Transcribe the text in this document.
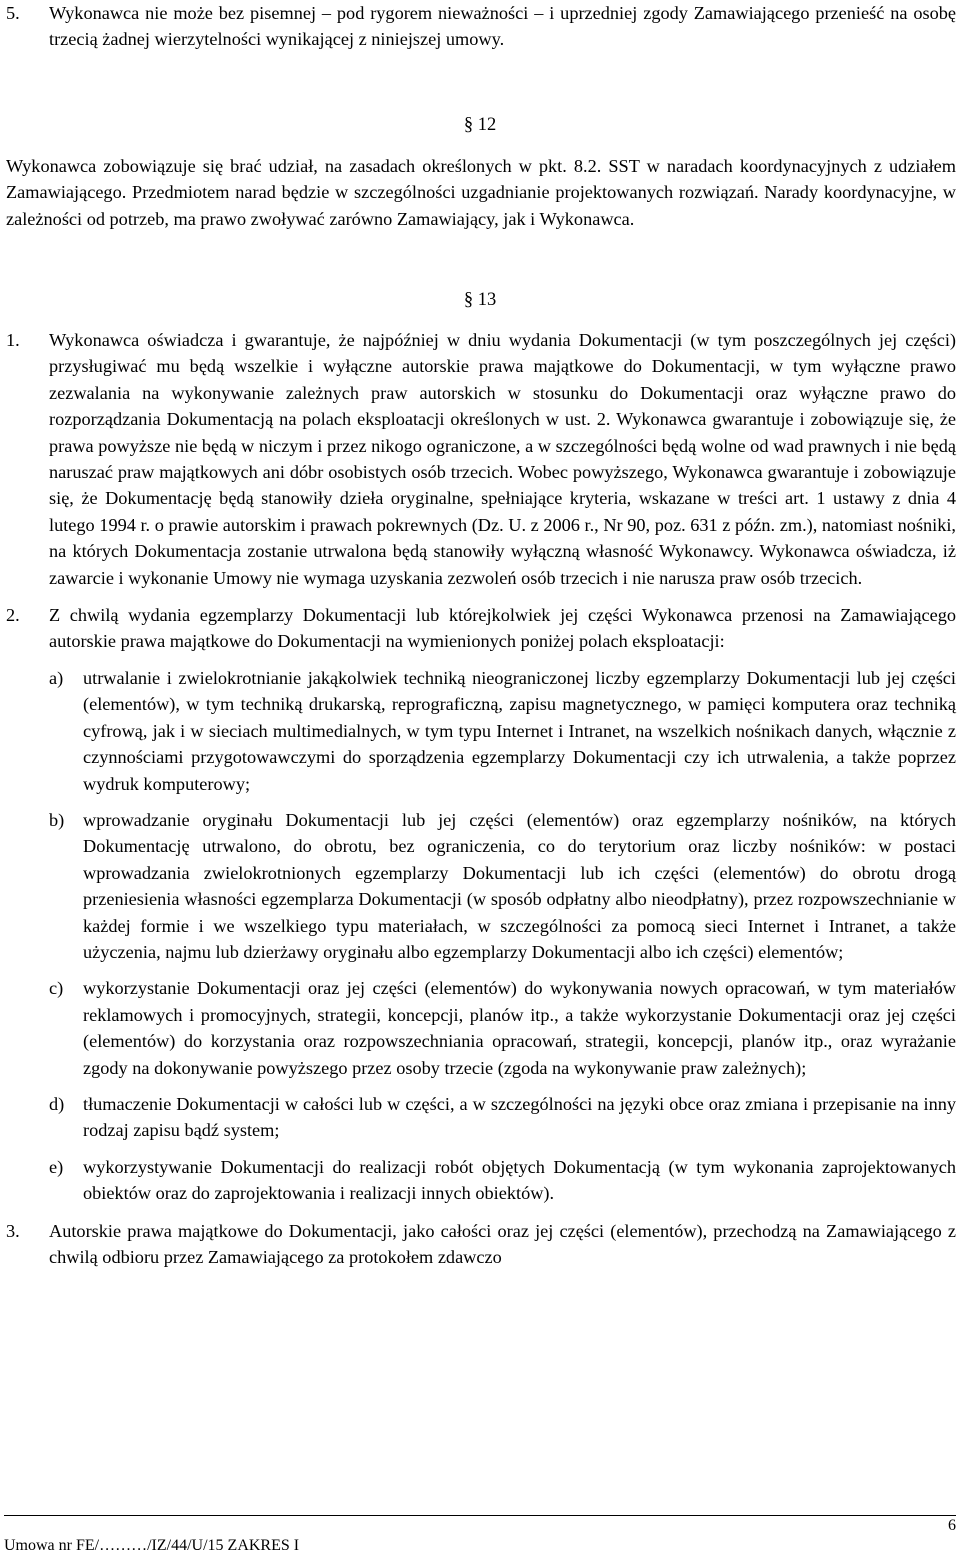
5.	Wykonawca nie może bez pisemnej – pod rygorem nieważności – i uprzedniej zgody Zamawiającego przenieść na osobę trzecią żadnej wierzytelności wynikającej z niniejszej umowy.
§ 12
Wykonawca zobowiązuje się brać udział, na zasadach określonych w pkt. 8.2. SST w naradach koordynacyjnych z udziałem Zamawiającego. Przedmiotem narad będzie w szczególności uzgadnianie projektowanych rozwiązań. Narady koordynacyjne, w zależności od potrzeb, ma prawo zwoływać zarówno Zamawiający, jak i Wykonawca.
§ 13
1.	Wykonawca oświadcza i gwarantuje, że najpóźniej w dniu wydania Dokumentacji (w tym poszczególnych jej części) przysługiwać mu będą wszelkie i wyłączne autorskie prawa majątkowe do Dokumentacji, w tym wyłączne prawo zezwalania na wykonywanie zależnych praw autorskich w stosunku do Dokumentacji oraz wyłączne prawo do rozporządzania Dokumentacją na polach eksploatacji określonych w ust. 2. Wykonawca gwarantuje i zobowiązuje się, że prawa powyższe nie będą w niczym i przez nikogo ograniczone, a w szczególności będą wolne od wad prawnych i nie będą naruszać praw majątkowych ani dóbr osobistych osób trzecich. Wobec powyższego, Wykonawca gwarantuje i zobowiązuje się, że Dokumentację będą stanowiły dzieła oryginalne, spełniające kryteria, wskazane w treści art. 1 ustawy z dnia 4 lutego 1994 r. o prawie autorskim i prawach pokrewnych (Dz. U. z 2006 r., Nr 90, poz. 631 z późn. zm.), natomiast nośniki, na których Dokumentacja zostanie utrwalona będą stanowiły wyłączną własność Wykonawcy. Wykonawca oświadcza, iż zawarcie i wykonanie Umowy nie wymaga uzyskania zezwoleń osób trzecich i nie narusza praw osób trzecich.
2.	Z chwilą wydania egzemplarzy Dokumentacji lub którejkolwiek jej części Wykonawca przenosi na Zamawiającego autorskie prawa majątkowe do Dokumentacji na wymienionych poniżej polach eksploatacji:
a)	utrwalanie i zwielokrotnianie jakąkolwiek techniką nieograniczonej liczby egzemplarzy Dokumentacji lub jej części (elementów), w tym techniką drukarską, reprograficzną, zapisu magnetycznego, w pamięci komputera oraz techniką cyfrową, jak i w sieciach multimedialnych, w tym typu Internet i Intranet, na wszelkich nośnikach danych, włącznie z czynnościami przygotowawczymi do sporządzenia egzemplarzy Dokumentacji czy ich utrwalenia, a także poprzez wydruk komputerowy;
b)	wprowadzanie oryginału Dokumentacji lub jej części (elementów) oraz egzemplarzy nośników, na których Dokumentację utrwalono, do obrotu, bez ograniczenia, co do terytorium oraz liczby nośników: w postaci wprowadzania zwielokrotnionych egzemplarzy Dokumentacji lub ich części (elementów) do obrotu drogą przeniesienia własności egzemplarza Dokumentacji (w sposób odpłatny albo nieodpłatny), przez rozpowszechnianie w każdej formie i we wszelkiego typu materiałach, w szczególności za pomocą sieci Internet i Intranet, a także użyczenia, najmu lub dzierżawy oryginału albo egzemplarzy Dokumentacji albo ich części) elementów;
c)	wykorzystanie Dokumentacji oraz jej części (elementów) do wykonywania nowych opracowań, w tym materiałów reklamowych i promocyjnych, strategii, koncepcji, planów itp., a także wykorzystanie Dokumentacji oraz jej części (elementów) do korzystania oraz rozpowszechniania opracowań, strategii, koncepcji, planów itp., oraz wyrażanie zgody na dokonywanie powyższego przez osoby trzecie (zgoda na wykonywanie praw zależnych);
d)	tłumaczenie Dokumentacji w całości lub w części, a w szczególności na języki obce oraz zmiana i przepisanie na inny rodzaj zapisu bądź system;
e)	wykorzystywanie Dokumentacji do realizacji robót objętych Dokumentacją (w tym wykonania zaprojektowanych obiektów oraz do zaprojektowania i realizacji innych obiektów).
3.	Autorskie prawa majątkowe do Dokumentacji, jako całości oraz jej części (elementów), przechodzą na Zamawiającego z chwilą odbioru przez Zamawiającego za protokołem zdawczo
6
Umowa nr FE/………/IZ/44/U/15 ZAKRES I
